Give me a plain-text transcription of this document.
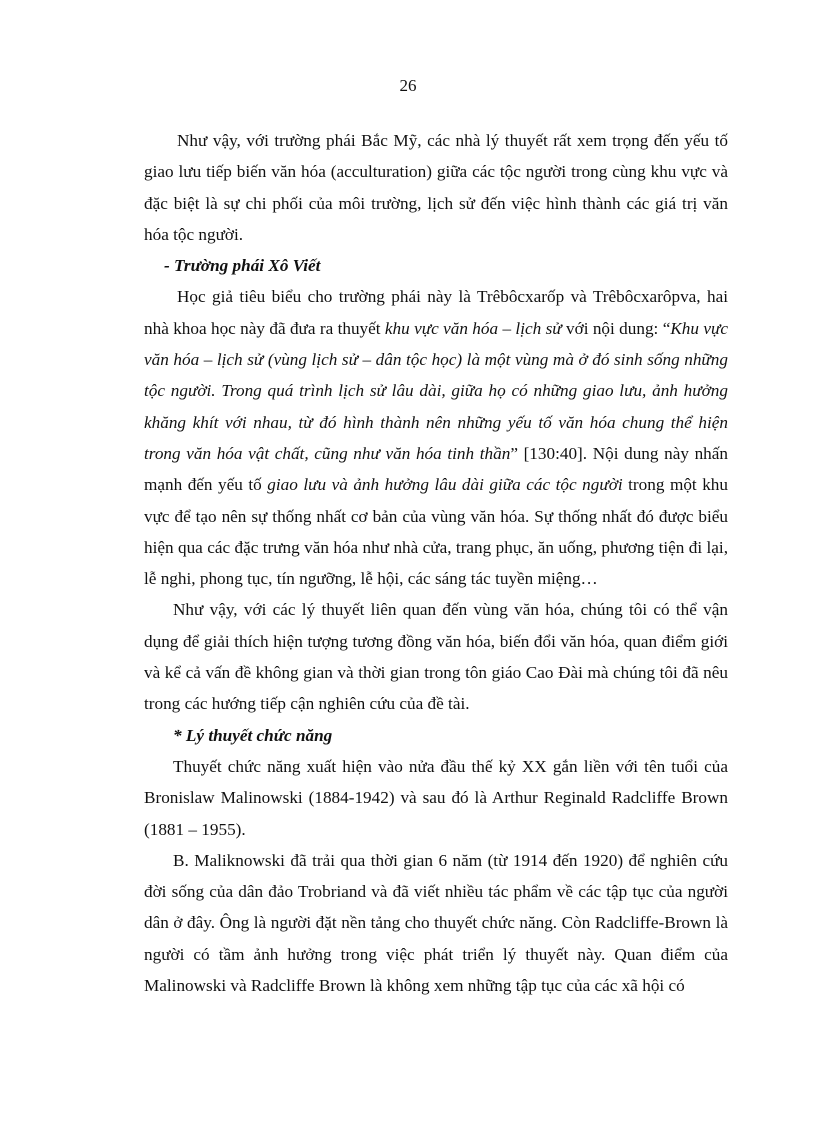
26

Như vậy, với trường phái Bắc Mỹ, các nhà lý thuyết rất xem trọng đến yếu tố giao lưu tiếp biến văn hóa (acculturation) giữa các tộc người trong cùng khu vực và đặc biệt là sự chi phối của môi trường, lịch sử đến việc hình thành các giá trị văn hóa tộc người.

- Trường phái Xô Viết

Học giả tiêu biểu cho trường phái này là Trêbôcxarốp và Trêbôcxarôpva, hai nhà khoa học này đã đưa ra thuyết khu vực văn hóa – lịch sử với nội dung: “Khu vực văn hóa – lịch sử (vùng lịch sử – dân tộc học) là một vùng mà ở đó sinh sống những tộc người. Trong quá trình lịch sử lâu dài, giữa họ có những giao lưu, ảnh hưởng khăng khít với nhau, từ đó hình thành nên những yếu tố văn hóa chung thể hiện trong văn hóa vật chất, cũng như văn hóa tinh thần” [130:40]. Nội dung này nhấn mạnh đến yếu tố giao lưu và ảnh hưởng lâu dài giữa các tộc người trong một khu vực để tạo nên sự thống nhất cơ bản của vùng văn hóa. Sự thống nhất đó được biểu hiện qua các đặc trưng văn hóa như nhà cửa, trang phục, ăn uống, phương tiện đi lại, lễ nghi, phong tục, tín ngưỡng, lễ hội, các sáng tác tuyền miệng…

Như vậy, với các lý thuyết liên quan đến vùng văn hóa, chúng tôi có thể vận dụng để giải thích hiện tượng tương đồng văn hóa, biến đổi văn hóa, quan điểm giới và kể cả vấn đề không gian và thời gian trong tôn giáo Cao Đài mà chúng tôi đã nêu trong các hướng tiếp cận nghiên cứu của đề tài.

* Lý thuyết chức năng

Thuyết chức năng xuất hiện vào nửa đầu thế kỷ XX gắn liền với tên tuổi của Bronislaw Malinowski (1884-1942) và sau đó là Arthur Reginald Radcliffe Brown (1881 – 1955).

B. Maliknowski đã trải qua thời gian 6 năm (từ 1914 đến 1920) để nghiên cứu đời sống của dân đảo Trobriand và đã viết nhiều tác phẩm về các tập tục của người dân ở đây. Ông là người đặt nền tảng cho thuyết chức năng. Còn Radcliffe-Brown là người có tầm ảnh hưởng trong việc phát triển lý thuyết này. Quan điểm của Malinowski và Radcliffe Brown là không xem những tập tục của các xã hội có
